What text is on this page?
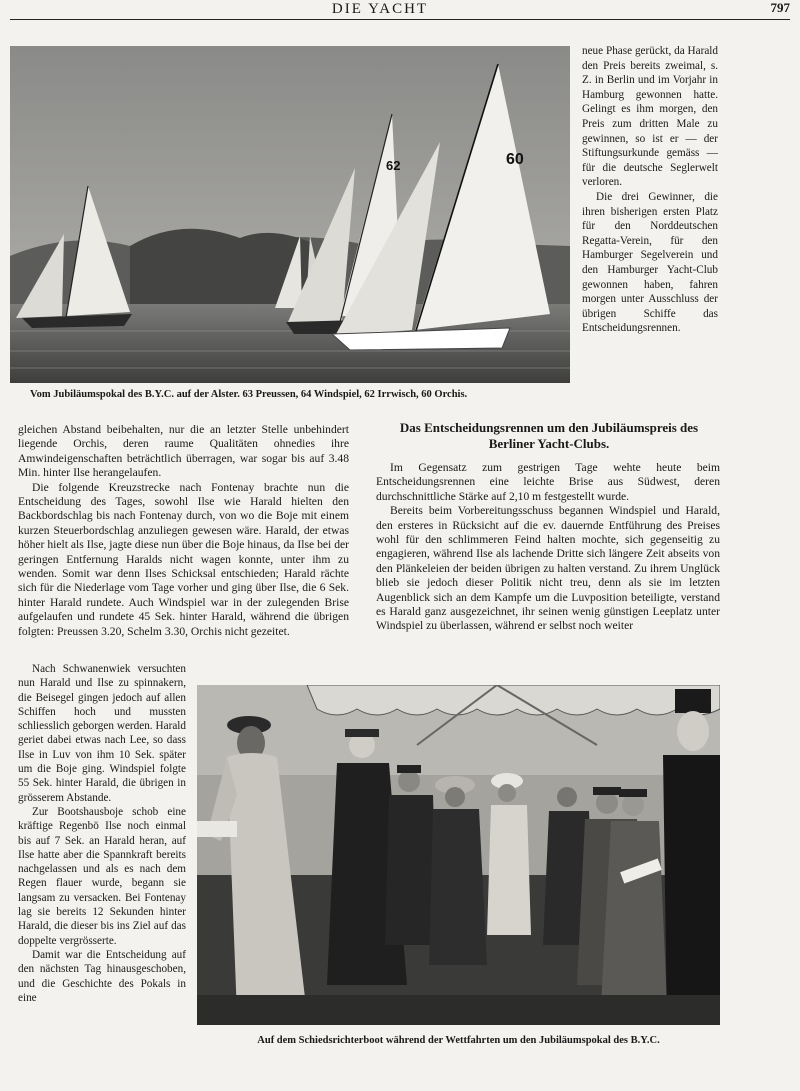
DIE YACHT	797
62	60
Vom Jubiläumspokal des B.Y.C. auf der Alster. 63 Preussen, 64 Windspiel, 62 Irrwisch, 60 Orchis.

neue Phase gerückt, da Harald den Preis bereits zweimal, s. Z. in Berlin und im Vorjahr in Hamburg gewonnen hatte. Gelingt es ihm morgen, den Preis zum dritten Male zu gewinnen, so ist er — der Stiftungsurkunde gemäss — für die deutsche Seglerwelt verloren.

Die drei Gewinner, die ihren bisherigen ersten Platz für den Norddeutschen Regatta-Verein, für den Hamburger Segelverein und den Hamburger Yacht-Club gewonnen haben, fahren morgen unter Ausschluss der übrigen Schiffe das Entscheidungsrennen.

gleichen Abstand beibehalten, nur die an letzter Stelle unbehindert liegende Orchis, deren raume Qualitäten ohnedies ihre Amwindeigenschaften beträchtlich überragen, war sogar bis auf 3.48 Min. hinter Ilse herangelaufen.

Die folgende Kreuzstrecke nach Fontenay brachte nun die Entscheidung des Tages, sowohl Ilse wie Harald hielten den Backbordschlag bis nach Fontenay durch, von wo die Boje mit einem kurzen Steuerbordschlag anzuliegen gewesen wäre. Harald, der etwas höher hielt als Ilse, jagte diese nun über die Boje hinaus, da Ilse bei der geringen Entfernung Haralds nicht wagen konnte, unter ihm zu wenden. Somit war denn Ilses Schicksal entschieden; Harald rächte sich für die Niederlage vom Tage vorher und ging über Ilse, die 6 Sek. hinter Harald rundete. Auch Windspiel war in der zulegenden Brise aufgelaufen und rundete 45 Sek. hinter Harald, während die übrigen folgten: Preussen 3.20, Schelm 3.30, Orchis nicht gezeitet.

Nach Schwanenwiek versuchten nun Harald und Ilse zu spinnakern, die Beisegel gingen jedoch auf allen Schiffen hoch und mussten schliesslich geborgen werden. Harald geriet dabei etwas nach Lee, so dass Ilse in Luv von ihm 10 Sek. später um die Boje ging. Windspiel folgte 55 Sek. hinter Harald, die übrigen in grösserem Abstande.

Zur Bootshausboje schob eine kräftige Regenbö Ilse noch einmal bis auf 7 Sek. an Harald heran, auf Ilse hatte aber die Spannkraft bereits nachgelassen und als es nach dem Regen flauer wurde, begann sie langsam zu versacken. Bei Fontenay lag sie bereits 12 Sekunden hinter Harald, die dieser bis ins Ziel auf das doppelte vergrösserte.

Damit war die Entscheidung auf den nächsten Tag hinausgeschoben, und die Geschichte des Pokals in eine

Das Entscheidungsrennen um den Jubiläumspreis des Berliner Yacht-Clubs.

Im Gegensatz zum gestrigen Tage wehte heute beim Entscheidungsrennen eine leichte Brise aus Südwest, deren durchschnittliche Stärke auf 2,10 m festgestellt wurde.

Bereits beim Vorbereitungsschuss begannen Windspiel und Harald, den ersteres in Rücksicht auf die ev. dauernde Entführung des Preises wohl für den schlimmeren Feind halten mochte, sich gegenseitig zu engagieren, während Ilse als lachende Dritte sich längere Zeit abseits von den Plänkeleien der beiden übrigen zu halten verstand. Zu ihrem Unglück blieb sie jedoch dieser Politik nicht treu, denn als sie im letzten Augenblick sich an dem Kampfe um die Luvposition beteiligte, verstand es Harald ganz ausgezeichnet, ihr seinen wenig günstigen Leeplatz unter Windspiel zu überlassen, während er selbst noch weiter

Auf dem Schiedsrichterboot während der Wettfahrten um den Jubiläumspokal des B.Y.C.
